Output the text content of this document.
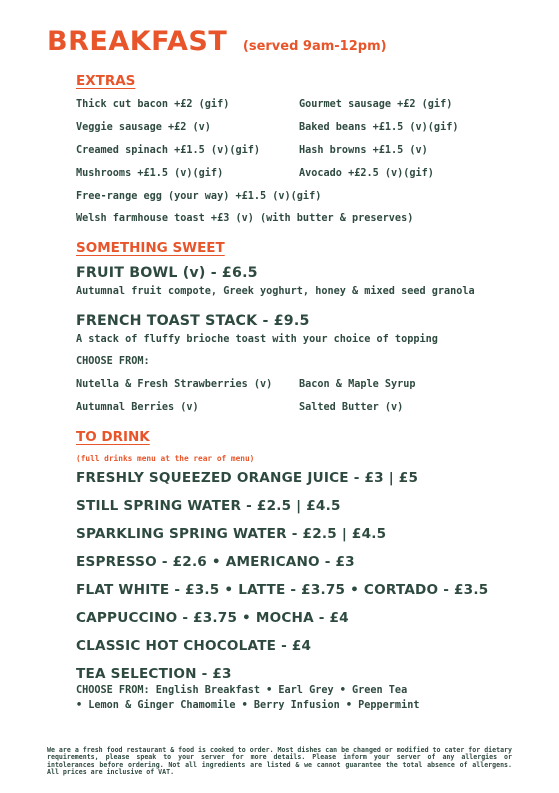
BREAKFAST (served 9am-12pm)
EXTRAS
Thick cut bacon +£2 (gif)	Gourmet sausage +£2 (gif)
Veggie sausage +£2 (v)	Baked beans +£1.5 (v)(gif)
Creamed spinach +£1.5 (v)(gif)	Hash browns +£1.5 (v)
Mushrooms +£1.5 (v)(gif)	Avocado +£2.5 (v)(gif)
Free-range egg (your way) +£1.5 (v)(gif)
Welsh farmhouse toast +£3 (v) (with butter & preserves)
SOMETHING SWEET
FRUIT BOWL (v) - £6.5
Autumnal fruit compote, Greek yoghurt, honey & mixed seed granola
FRENCH TOAST STACK - £9.5
A stack of fluffy brioche toast with your choice of topping
CHOOSE FROM:
Nutella & Fresh Strawberries (v)	Bacon & Maple Syrup
Autumnal Berries (v)	Salted Butter (v)
TO DRINK
(full drinks menu at the rear of menu)
FRESHLY SQUEEZED ORANGE JUICE - £3 | £5
STILL SPRING WATER - £2.5 | £4.5
SPARKLING SPRING WATER - £2.5 | £4.5
ESPRESSO - £2.6 • AMERICANO - £3
FLAT WHITE - £3.5 • LATTE - £3.75 • CORTADO - £3.5
CAPPUCCINO - £3.75 • MOCHA - £4
CLASSIC HOT CHOCOLATE - £4
TEA SELECTION - £3
CHOOSE FROM: English Breakfast • Earl Grey • Green Tea
• Lemon & Ginger Chamomile • Berry Infusion • Peppermint
We are a fresh food restaurant & food is cooked to order. Most dishes can be changed or modified to cater for dietary requirements, please speak to your server for more details. Please inform your server of any allergies or intolerances before ordering. Not all ingredients are listed & we cannot guarantee the total absence of allergens. All prices are inclusive of VAT.
